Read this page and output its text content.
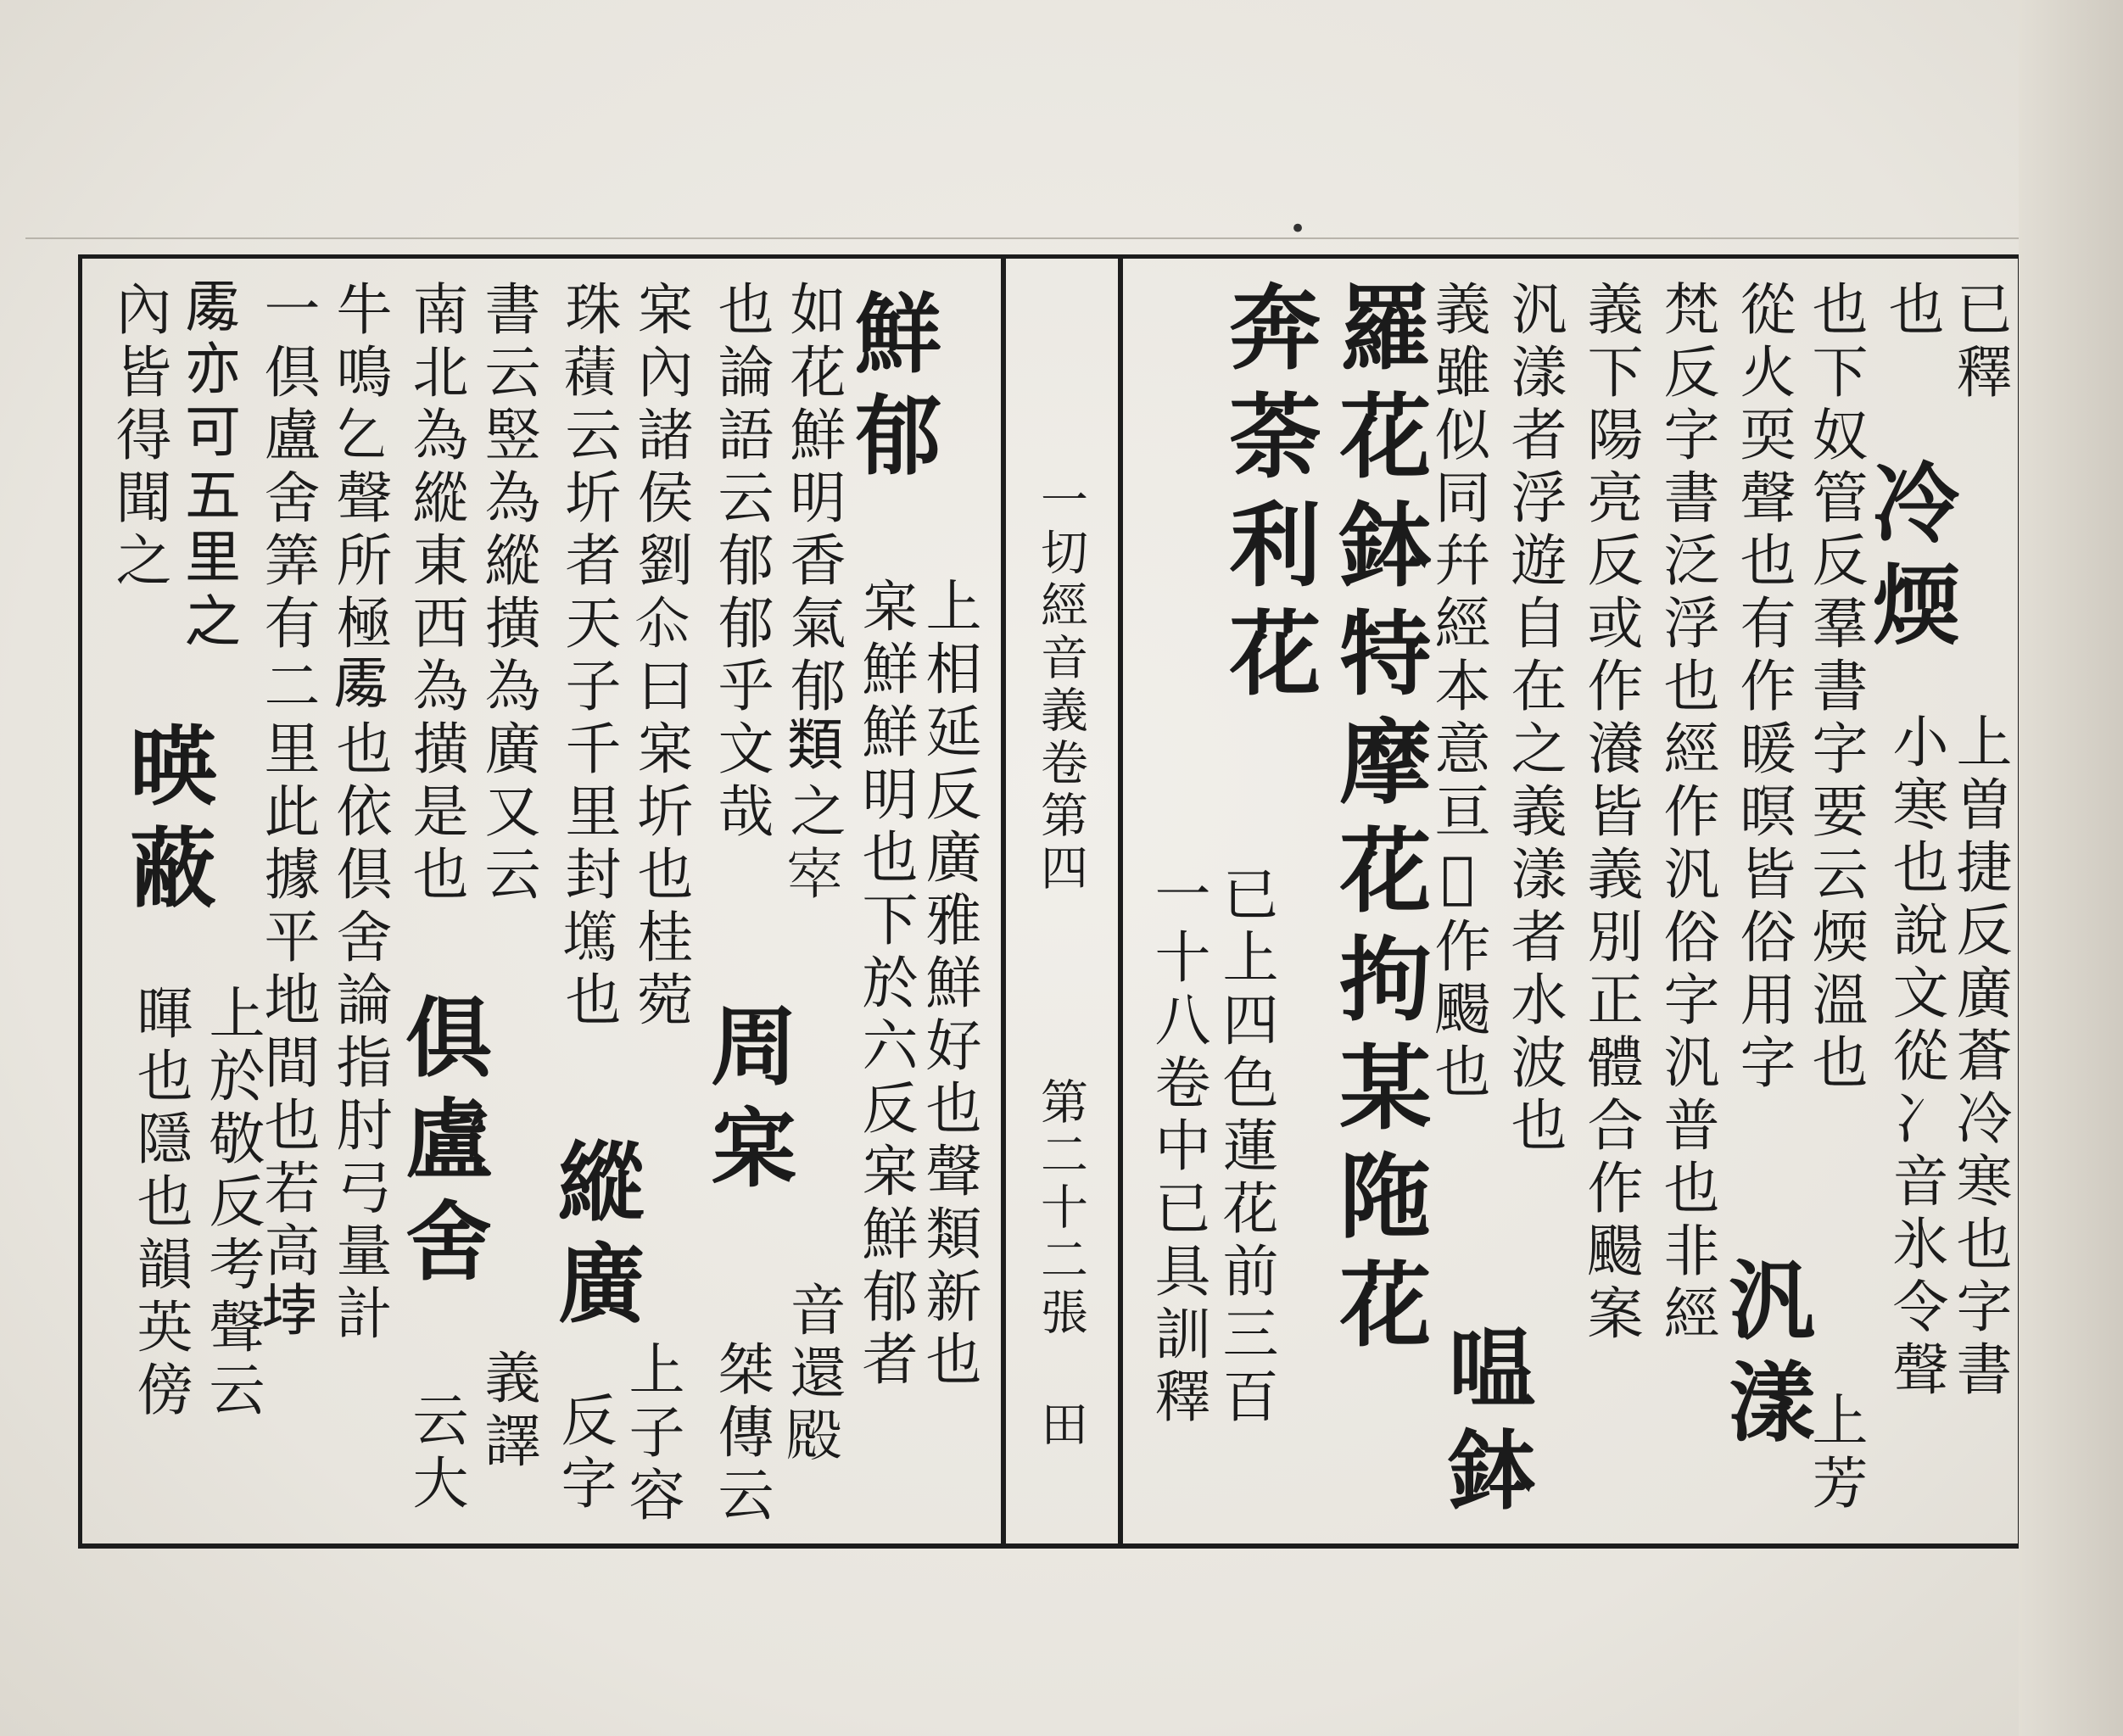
•
已釋
也
冷煗
上曽捷反廣蒼冷寒也字書
小寒也說文從冫音氷令聲
也下奴管反羣書字要云煗溫也
從火耎聲也有作暖暝皆俗用字
汎漾
上芳
梵反字書泛浮也經作汎俗字汎普也非經
義下陽亮反或作瀁皆義別正體合作颺案
汎漾者浮遊自在之義漾者水波也
義雖似同幷經本意亘𢾾作颺也
嗢鉢
羅花鉢特摩花拘某陁花
奔荼利花
已上四色蓮花前三百
一十八卷中已具訓釋
一切經音義卷第四
第二十二張
田
鮮郁
上相延反廣雅鮮好也聲類新也
宲鮮鮮明也下於六反宲鮮郁者
如花鮮明香氣郁𩔖之𡨧
也論語云郁郁乎文哉
周宲
音還𣪍
桀傳云
宲內諸侯劉𠇍曰宲圻也桂菀
珠𧂐云圻者天子千里封𡓞也
縱廣
上子容
反字
書云竪為縱撗為廣又云
南北為縱東西為撗是也
俱盧舍
義譯
云大
牛鳴𠃉聲所極𠁅也依倶舍論指肘弓量計
一倶盧舍筭有二里此據平地間也若高𡋯
𠁅亦可五里之
內皆得聞之
暎蔽
上於敬反考聲云
暉也隱也韻英傍
